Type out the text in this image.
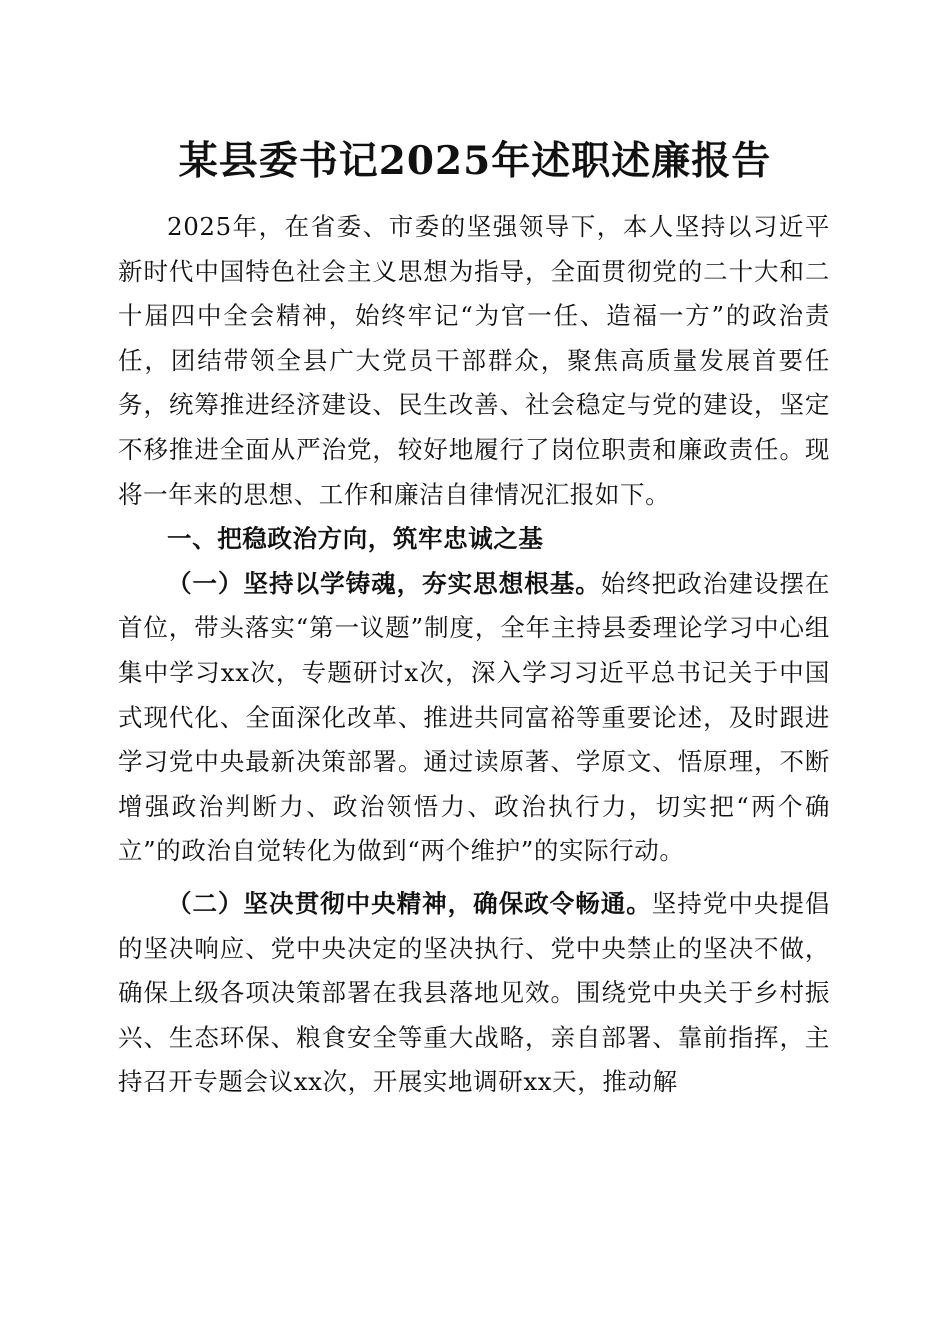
某县委书记2025年述职述廉报告

2025年，在省委、市委的坚强领导下，本人坚持以习近平新时代中国特色社会主义思想为指导，全面贯彻党的二十大和二十届四中全会精神，始终牢记“为官一任、造福一方”的政治责任，团结带领全县广大党员干部群众，聚焦高质量发展首要任务，统筹推进经济建设、民生改善、社会稳定与党的建设，坚定不移推进全面从严治党，较好地履行了岗位职责和廉政责任。现将一年来的思想、工作和廉洁自律情况汇报如下。

一、把稳政治方向，筑牢忠诚之基

（一）坚持以学铸魂，夯实思想根基。始终把政治建设摆在首位，带头落实“第一议题”制度，全年主持县委理论学习中心组集中学习xx次，专题研讨x次，深入学习习近平总书记关于中国式现代化、全面深化改革、推进共同富裕等重要论述，及时跟进学习党中央最新决策部署。通过读原著、学原文、悟原理，不断增强政治判断力、政治领悟力、政治执行力，切实把“两个确立”的政治自觉转化为做到“两个维护”的实际行动。

（二）坚决贯彻中央精神，确保政令畅通。坚持党中央提倡的坚决响应、党中央决定的坚决执行、党中央禁止的坚决不做，确保上级各项决策部署在我县落地见效。围绕党中央关于乡村振兴、生态环保、粮食安全等重大战略，亲自部署、靠前指挥，主持召开专题会议xx次，开展实地调研xx天，推动解
